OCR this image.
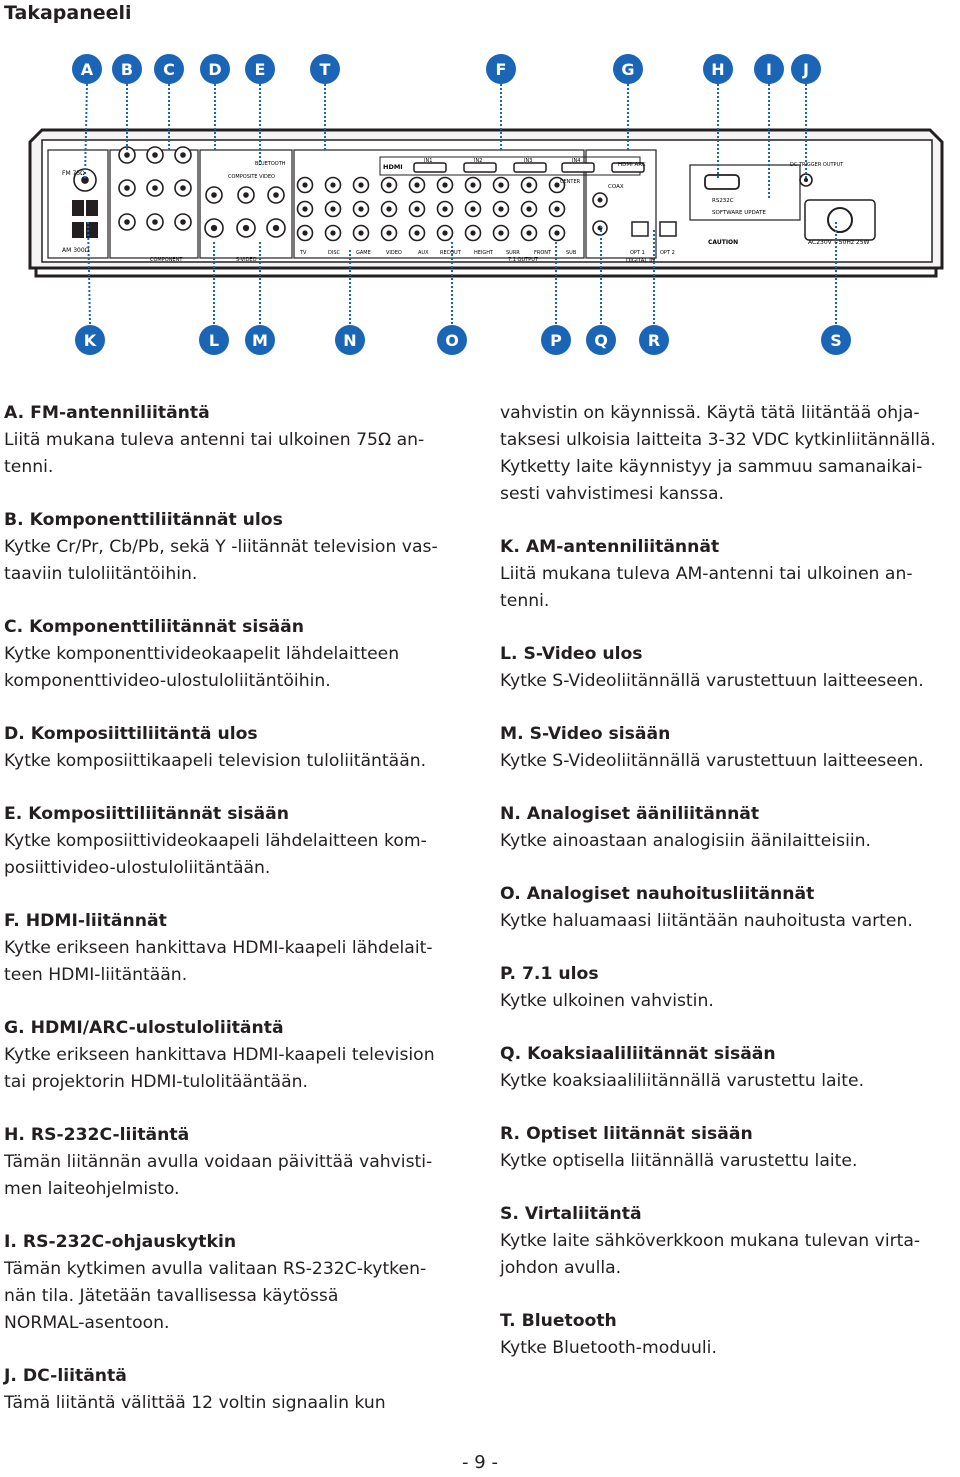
Takapaneeli
A B C D E	T	F	G	H	I J
K	L M	N	O	P Q	R	S
FM 75Ω
AM 300Ω
HDMI	HDMI ARC
COAX
RS232C
SOFTWARE UPDATE
DC TRIGGER OUTPUT
AC230V ~50Hz 25W
CAUTION
DIGITAL IN
OPT 1	OPT 2
COMPONENT	S-VIDEO
COMPOSITE VIDEO
BLUETOOTH
7.1 OUTPUT
TV	DISC	GAME	VIDEO	AUX RECOUT	HEIGHT	SURR	FRONT	SUB
CENTER
IN1	IN2	IN3	IN4
A. FM-antenniliitäntä
Liitä mukana tuleva antenni tai ulkoinen 75Ω an-
tenni.
B. Komponenttiliitännät ulos
Kytke Cr/Pr, Cb/Pb, sekä Y -liitännät television vas-
taaviin tuloliitäntöihin.
C. Komponenttiliitännät sisään
Kytke komponenttivideokaapelit lähdelaitteen
komponenttivideo-ulostuloliitäntöihin.
D. Komposiittiliitäntä ulos
Kytke komposiittikaapeli television tuloliitäntään.
E. Komposiittiliitännät sisään
Kytke komposiittivideokaapeli lähdelaitteen kom-
posiittivideo-ulostuloliitäntään.
F. HDMI-liitännät
Kytke erikseen hankittava HDMI-kaapeli lähdelait-
teen HDMI-liitäntään.
G. HDMI/ARC-ulostuloliitäntä
Kytke erikseen hankittava HDMI-kaapeli television
tai projektorin HDMI-tulolitääntään.
H. RS-232C-liitäntä
Tämän liitännän avulla voidaan päivittää vahvisti-
men laiteohjelmisto.
I. RS-232C-ohjauskytkin
Tämän kytkimen avulla valitaan RS-232C-kytken-
nän tila. Jätetään tavallisessa käytössä
NORMAL-asentoon.
J. DC-liitäntä
Tämä liitäntä välittää 12 voltin signaalin kun
vahvistin on käynnissä. Käytä tätä liitäntää ohja-
taksesi ulkoisia laitteita 3-32 VDC kytkinliitännällä.
Kytketty laite käynnistyy ja sammuu samanaikai-
sesti vahvistimesi kanssa.
K. AM-antenniliitännät
Liitä mukana tuleva AM-antenni tai ulkoinen an-
tenni.
L. S-Video ulos
Kytke S-Videoliitännällä varustettuun laitteeseen.
M. S-Video sisään
Kytke S-Videoliitännällä varustettuun laitteeseen.
N. Analogiset ääniliitännät
Kytke ainoastaan analogisiin äänilaitteisiin.
O. Analogiset nauhoitusliitännät
Kytke haluamaasi liitäntään nauhoitusta varten.
P. 7.1 ulos
Kytke ulkoinen vahvistin.
Q. Koaksiaaliliitännät sisään
Kytke koaksiaaliliitännällä varustettu laite.
R. Optiset liitännät sisään
Kytke optisella liitännällä varustettu laite.
S. Virtaliitäntä
Kytke laite sähköverkkoon mukana tulevan virta-
johdon avulla.
T. Bluetooth
Kytke Bluetooth-moduuli.
- 9 -
